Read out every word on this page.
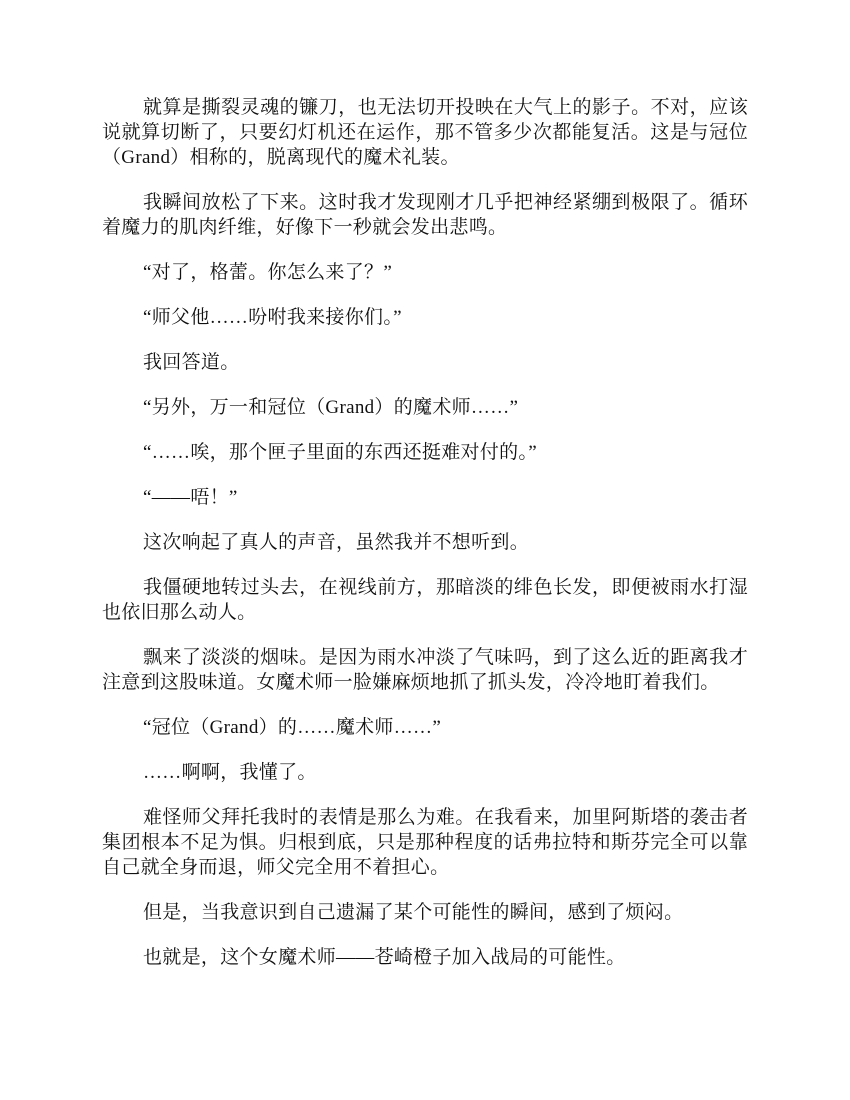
就算是撕裂灵魂的镰刀，也无法切开投映在大气上的影子。不对，应该说就算切断了，只要幻灯机还在运作，那不管多少次都能复活。这是与冠位（Grand）相称的，脱离现代的魔术礼装。

我瞬间放松了下来。这时我才发现刚才几乎把神经紧绷到极限了。循环着魔力的肌肉纤维，好像下一秒就会发出悲鸣。

“对了，格蕾。你怎么来了？”

“师父他……吩咐我来接你们。”

我回答道。

“另外，万一和冠位（Grand）的魔术师……”

“……唉，那个匣子里面的东西还挺难对付的。”

“——唔！”

这次响起了真人的声音，虽然我并不想听到。

我僵硬地转过头去，在视线前方，那暗淡的绯色长发，即便被雨水打湿也依旧那么动人。

飘来了淡淡的烟味。是因为雨水冲淡了气味吗，到了这么近的距离我才注意到这股味道。女魔术师一脸嫌麻烦地抓了抓头发，冷冷地盯着我们。

“冠位（Grand）的……魔术师……”

……啊啊，我懂了。

难怪师父拜托我时的表情是那么为难。在我看来，加里阿斯塔的袭击者集团根本不足为惧。归根到底，只是那种程度的话弗拉特和斯芬完全可以靠自己就全身而退，师父完全用不着担心。

但是，当我意识到自己遗漏了某个可能性的瞬间，感到了烦闷。

也就是，这个女魔术师——苍崎橙子加入战局的可能性。
